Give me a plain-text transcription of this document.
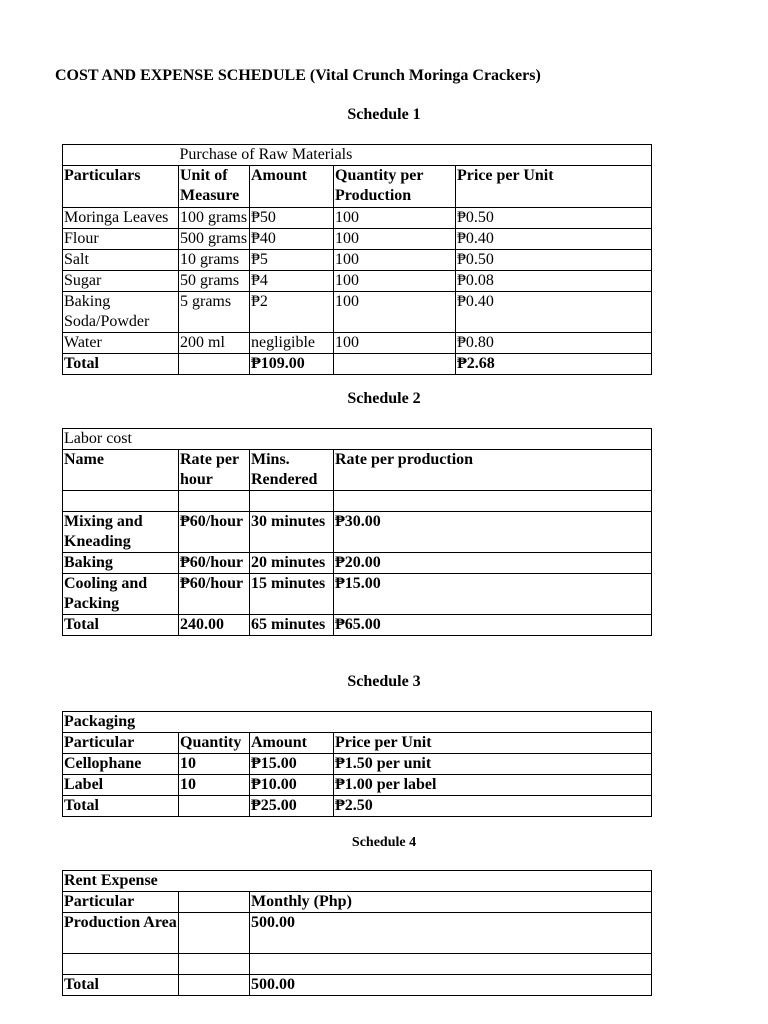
COST AND EXPENSE SCHEDULE (Vital Crunch Moringa Crackers)
Schedule 1
	Purchase of Raw Materials			
Particulars	Unit of Measure	Amount	Quantity per Production	Price per Unit
Moringa Leaves	100 grams	₱50	100	₱0.50
Flour	500 grams	₱40	100	₱0.40
Salt	10 grams	₱5	100	₱0.50
Sugar	50 grams	₱4	100	₱0.08
Baking Soda/Powder	5 grams	₱2	100	₱0.40
Water	200 ml	negligible	100	₱0.80
Total		₱109.00		₱2.68
Schedule 2
Labor cost			
Name	Rate per hour	Mins. Rendered	Rate per production

Mixing and Kneading	₱60/hour	30 minutes	₱30.00
Baking	₱60/hour	20 minutes	₱20.00
Cooling and Packing	₱60/hour	15 minutes	₱15.00
Total	240.00	65 minutes	₱65.00
Schedule 3
Packaging			
Particular	Quantity	Amount	Price per Unit
Cellophane	10	₱15.00	₱1.50 per unit
Label	10	₱10.00	₱1.00 per label
Total		₱25.00	₱2.50
Schedule 4
Rent Expense		
Particular		Monthly (Php)
Production Area		500.00

Total		500.00
